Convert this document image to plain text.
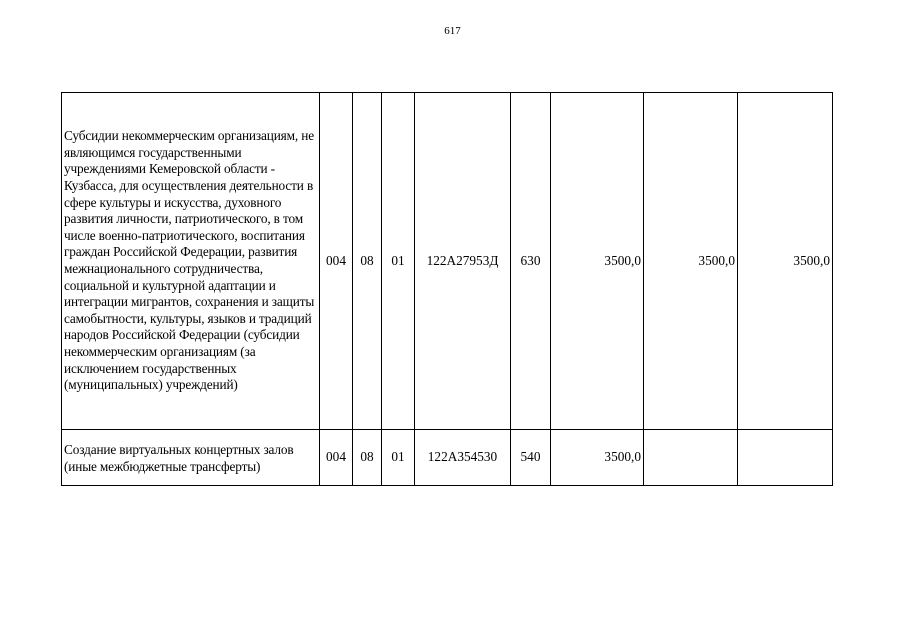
617
Субсидии некоммерческим организациям, не являющимся государственными учреждениями Кемеровской области - Кузбасса, для осуществления деятельности в сфере культуры и искусства, духовного развития личности, патриотического, в том числе военно-патриотического, воспитания граждан Российской Федерации, развития межнационального сотрудничества, социальной и культурной адаптации и интеграции мигрантов, сохранения и защиты самобытности, культуры, языков и традиций народов Российской Федерации (субсидии некоммерческим организациям (за исключением государственных (муниципальных) учреждений)	004	08	01	122А27953Д	630	3500,0	3500,0	3500,0
Создание виртуальных концертных залов (иные межбюджетные трансферты)	004	08	01	122А354530	540	3500,0		
